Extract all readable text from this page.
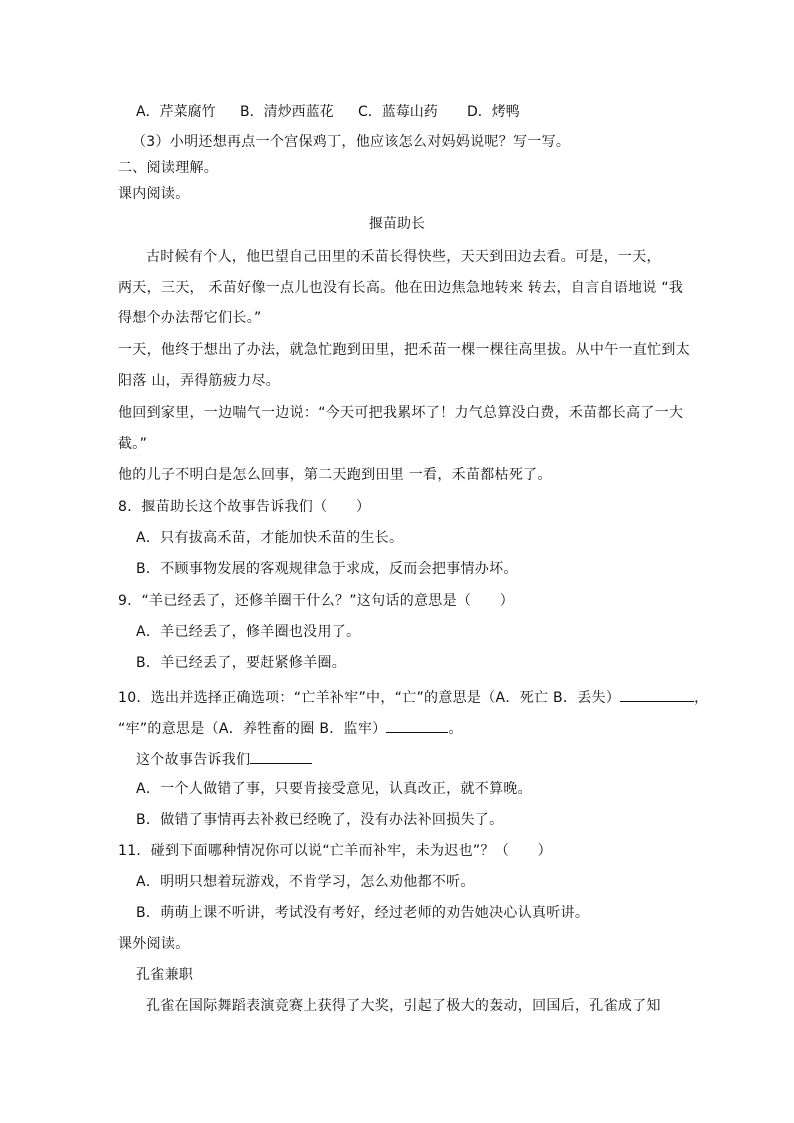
A．芹菜腐竹 B．清炒西蓝花 C．蓝莓山药 D．烤鸭
（3）小明还想再点一个宫保鸡丁，他应该怎么对妈妈说呢？写一写。
二、阅读理解。
课内阅读。
揠苗助长
古时候有个人，他巴望自己田里的禾苗长得快些，天天到田边去看。可是，一天，
两天，三天， 禾苗好像一点儿也没有长高。他在田边焦急地转来 转去，自言自语地说 “我
得想个办法帮它们长。”
一天，他终于想出了办法，就急忙跑到田里，把禾苗一棵一棵往高里拔。从中午一直忙到太
阳落 山，弄得筋疲力尽。
他回到家里，一边喘气一边说：“今天可把我累坏了！力气总算没白费，禾苗都长高了一大
截。”
他的儿子不明白是怎么回事，第二天跑到田里 一看，禾苗都枯死了。
8．揠苗助长这个故事告诉我们（　　）
A．只有拔高禾苗，才能加快禾苗的生长。
B．不顾事物发展的客观规律急于求成，反而会把事情办坏。
9．“羊已经丢了，还修羊圈干什么？”这句话的意思是（　　）
A．羊已经丢了，修羊圈也没用了。
B．羊已经丢了，要赶紧修羊圈。
10．选出并选择正确选项：“亡羊补牢”中，“亡”的意思是（A．死亡 B．丢失）	，
“牢”的意思是（A．养牲畜的圈 B．监牢）	。
这个故事告诉我们
A．一个人做错了事，只要肯接受意见，认真改正，就不算晚。
B．做错了事情再去补救已经晚了，没有办法补回损失了。
11．碰到下面哪种情况你可以说“亡羊而补牢，未为迟也”？（　　）
A．明明只想着玩游戏，不肯学习，怎么劝他都不听。
B．萌萌上课不听讲，考试没有考好，经过老师的劝告她决心认真听讲。
课外阅读。
孔雀兼职
孔雀在国际舞蹈表演竞赛上获得了大奖，引起了极大的轰动，回国后，孔雀成了知
